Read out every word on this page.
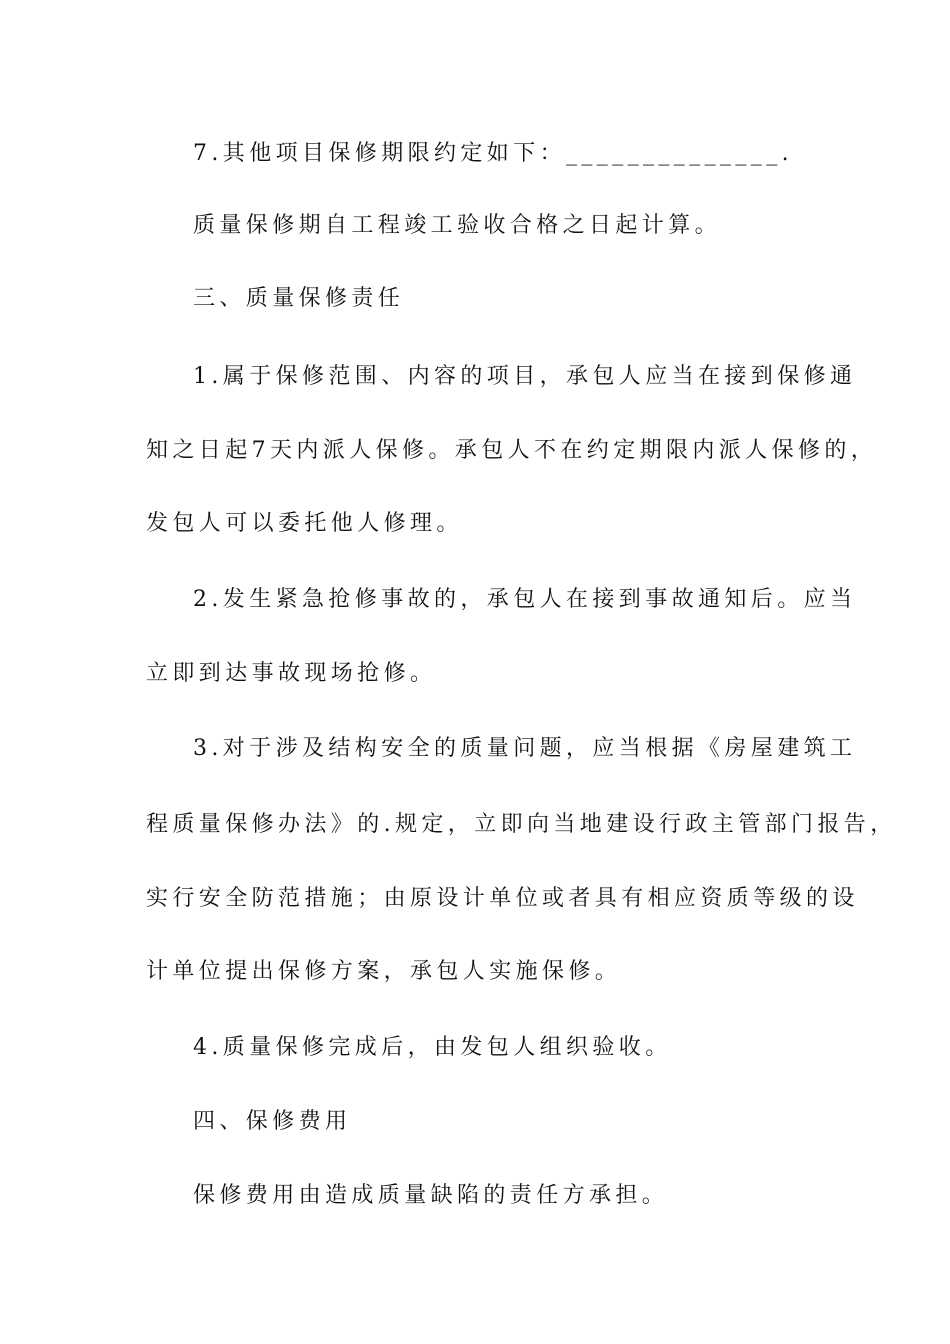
7.其他项目保修期限约定如下：______________.
质量保修期自工程竣工验收合格之日起计算。
三、质量保修责任
1.属于保修范围、内容的项目，承包人应当在接到保修通
知之日起7天内派人保修。承包人不在约定期限内派人保修的，
发包人可以委托他人修理。
2.发生紧急抢修事故的，承包人在接到事故通知后。应当
立即到达事故现场抢修。
3.对于涉及结构安全的质量问题，应当根据《房屋建筑工
程质量保修办法》的.规定，立即向当地建设行政主管部门报告，
实行安全防范措施；由原设计单位或者具有相应资质等级的设
计单位提出保修方案，承包人实施保修。
4.质量保修完成后，由发包人组织验收。
四、保修费用
保修费用由造成质量缺陷的责任方承担。
